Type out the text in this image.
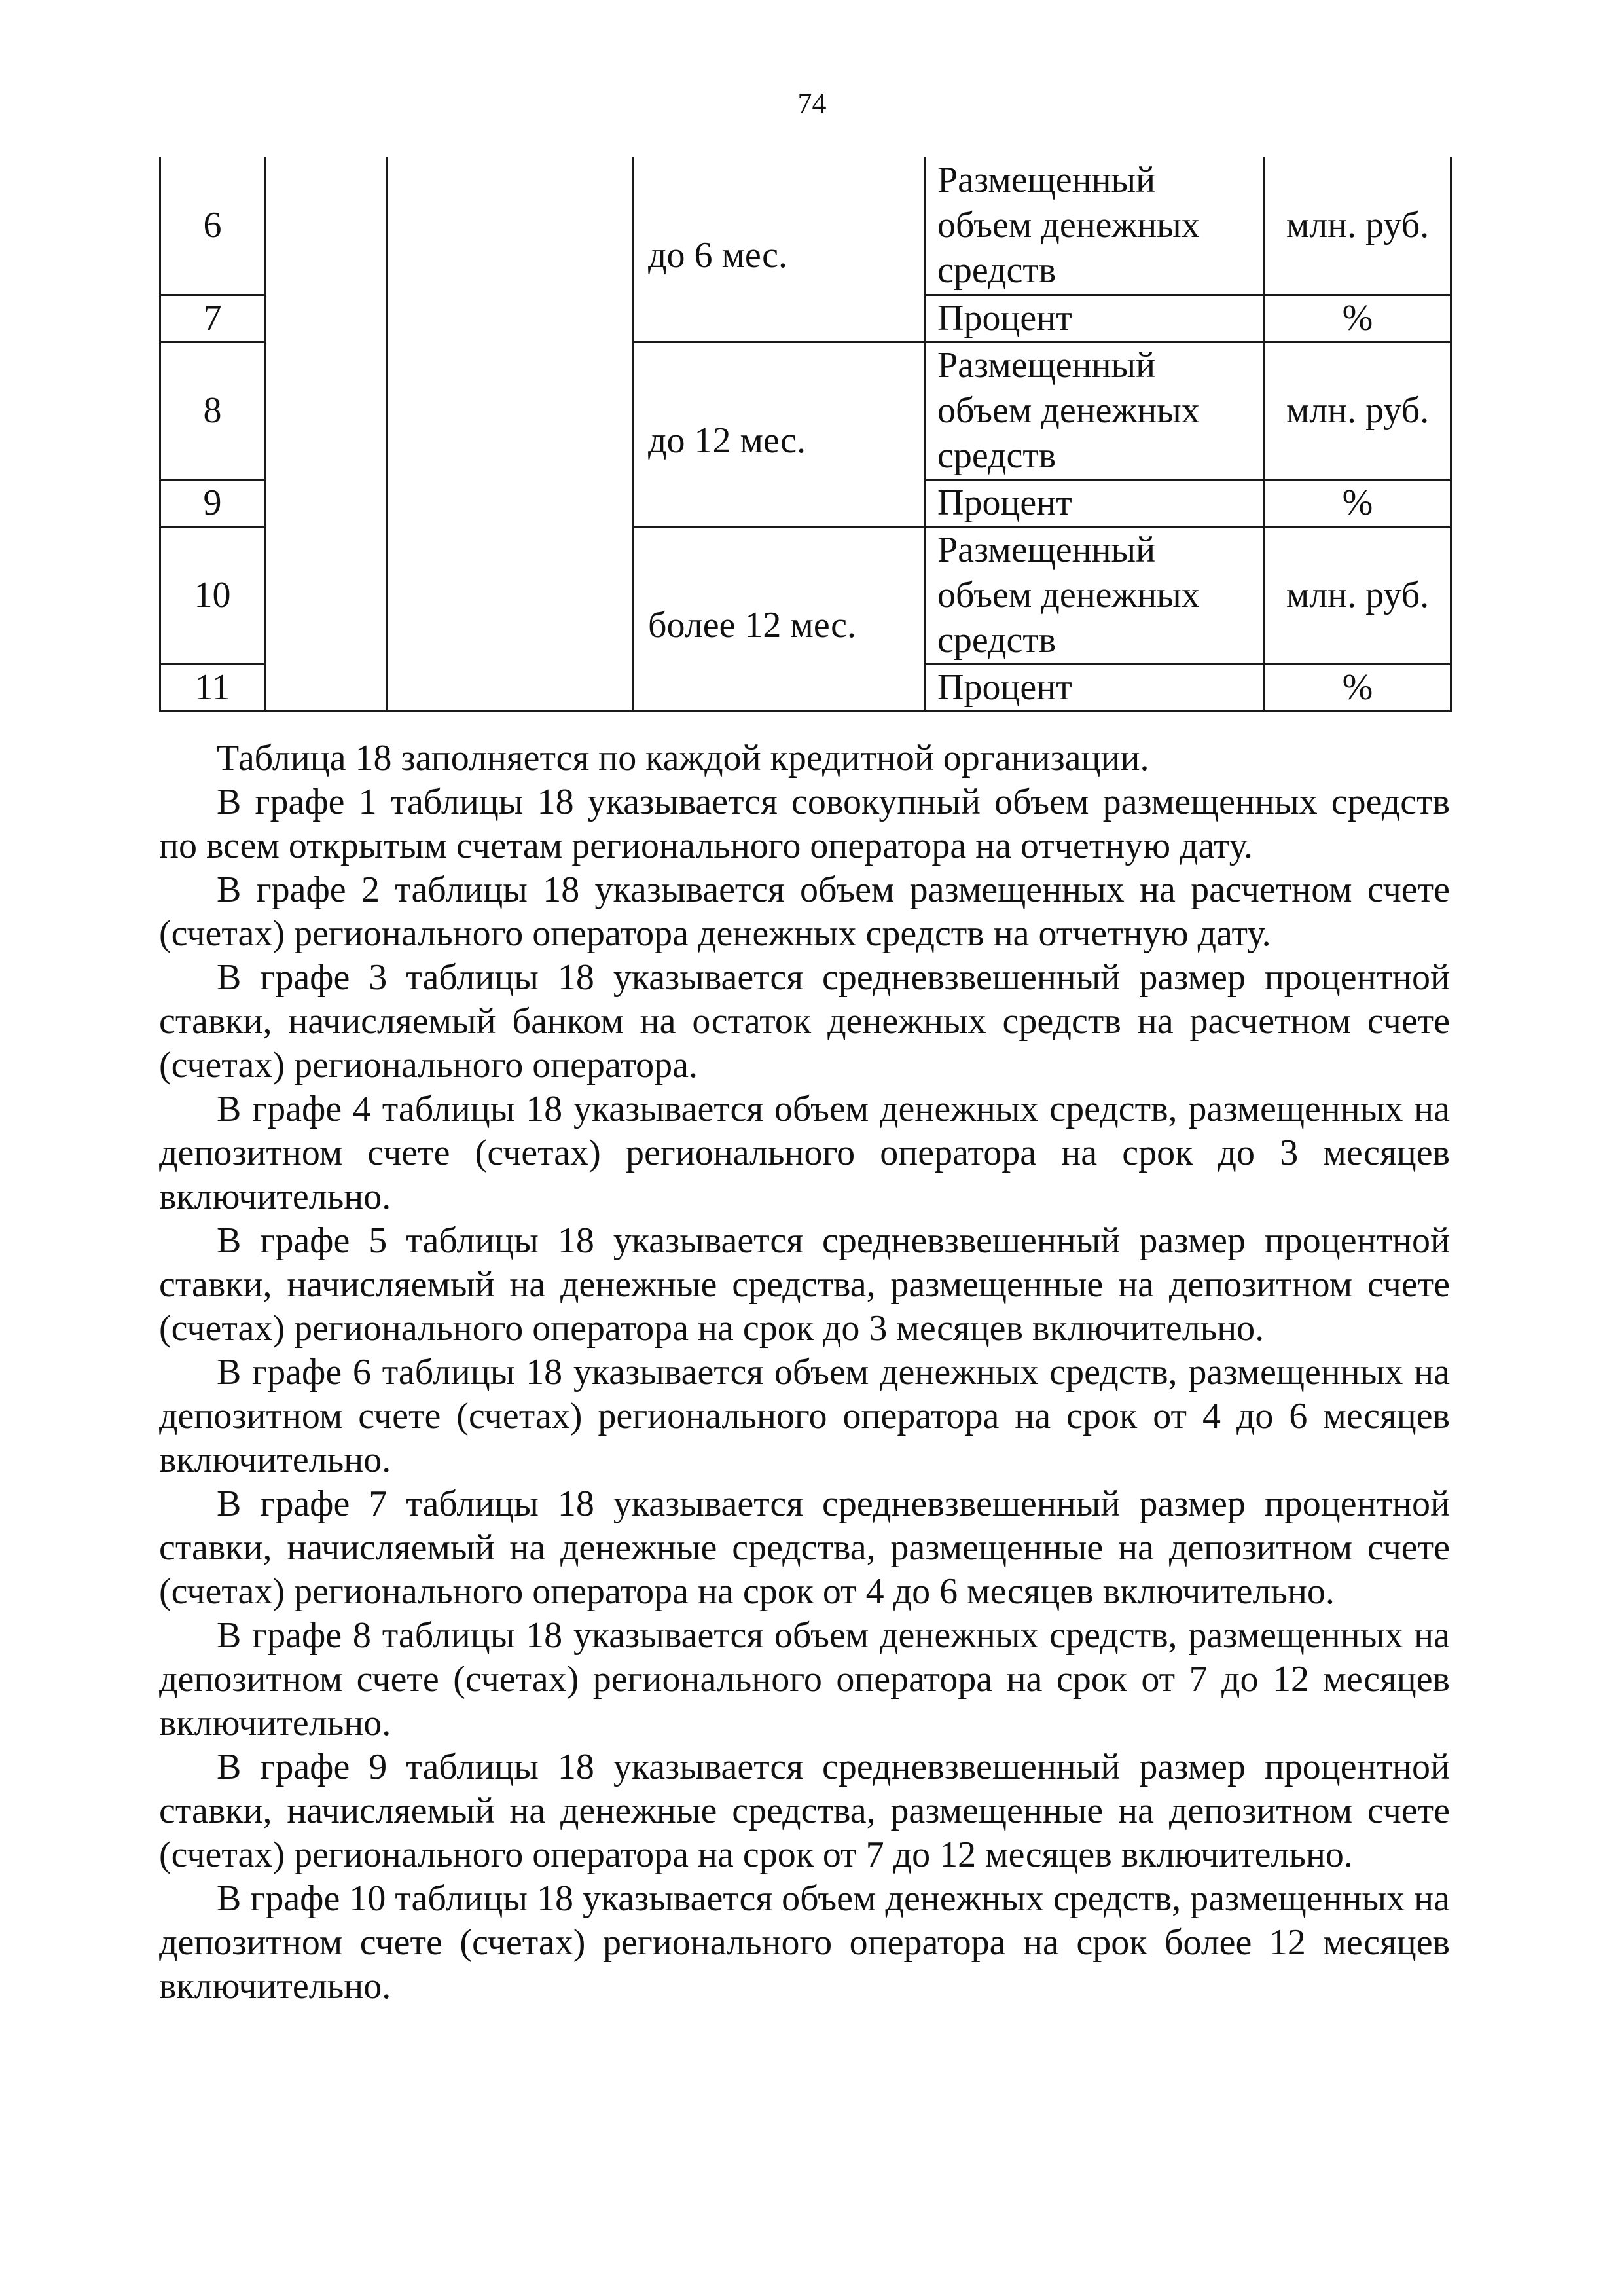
74
6			до 6 мес.	Размещенный объем денежных средств	млн. руб.
7				Процент	%
8			до 12 мес.	Размещенный объем денежных средств	млн. руб.
9				Процент	%
10			более 12 мес.	Размещенный объем денежных средств	млн. руб.
11				Процент	%

Таблица 18 заполняется по каждой кредитной организации.

В графе 1 таблицы 18 указывается совокупный объем размещенных средств по всем открытым счетам регионального оператора на отчетную дату.

В графе 2 таблицы 18 указывается объем размещенных на расчетном счете (счетах) регионального оператора денежных средств на отчетную дату.

В графе 3 таблицы 18 указывается средневзвешенный размер процентной ставки, начисляемый банком на остаток денежных средств на расчетном счете (счетах) регионального оператора.

В графе 4 таблицы 18 указывается объем денежных средств, размещенных на депозитном счете (счетах) регионального оператора на срок до 3 месяцев включительно.

В графе 5 таблицы 18 указывается средневзвешенный размер процентной ставки, начисляемый на денежные средства, размещенные на депозитном счете (счетах) регионального оператора на срок до 3 месяцев включительно.

В графе 6 таблицы 18 указывается объем денежных средств, размещенных на депозитном счете (счетах) регионального оператора на срок от 4 до 6 месяцев включительно.

В графе 7 таблицы 18 указывается средневзвешенный размер процентной ставки, начисляемый на денежные средства, размещенные на депозитном счете (счетах) регионального оператора на срок от 4 до 6 месяцев включительно.

В графе 8 таблицы 18 указывается объем денежных средств, размещенных на депозитном счете (счетах) регионального оператора на срок от 7 до 12 месяцев включительно.

В графе 9 таблицы 18 указывается средневзвешенный размер процентной ставки, начисляемый на денежные средства, размещенные на депозитном счете (счетах) регионального оператора на срок от 7 до 12 месяцев включительно.

В графе 10 таблицы 18 указывается объем денежных средств, размещенных на депозитном счете (счетах) регионального оператора на срок более 12 месяцев включительно.
